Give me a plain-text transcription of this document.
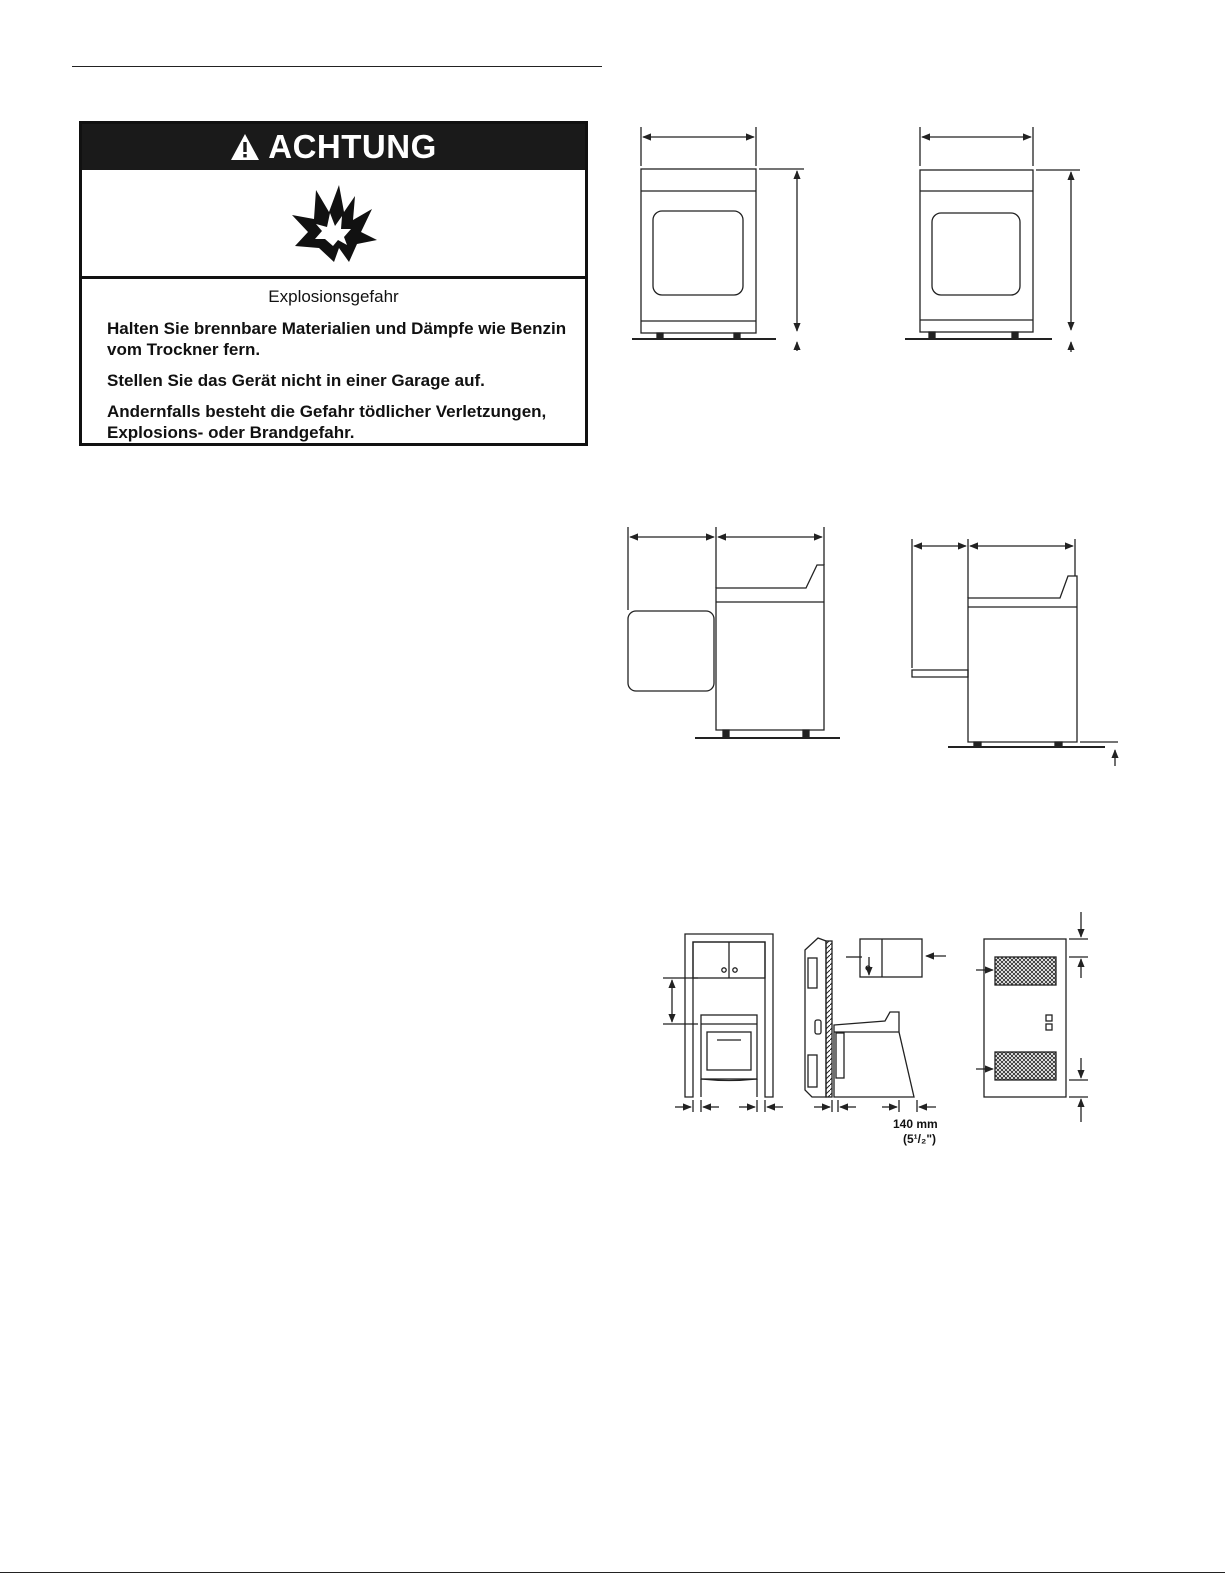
ACHTUNG

Explosionsgefahr

Halten Sie brennbare Materialien und Dämpfe wie Benzin vom Trockner fern.

Stellen Sie das Gerät nicht in einer Garage auf.

Andernfalls besteht die Gefahr tödlicher Verletzungen, Explosions- oder Brandgefahr.

140 mm
(5¹/₂")
